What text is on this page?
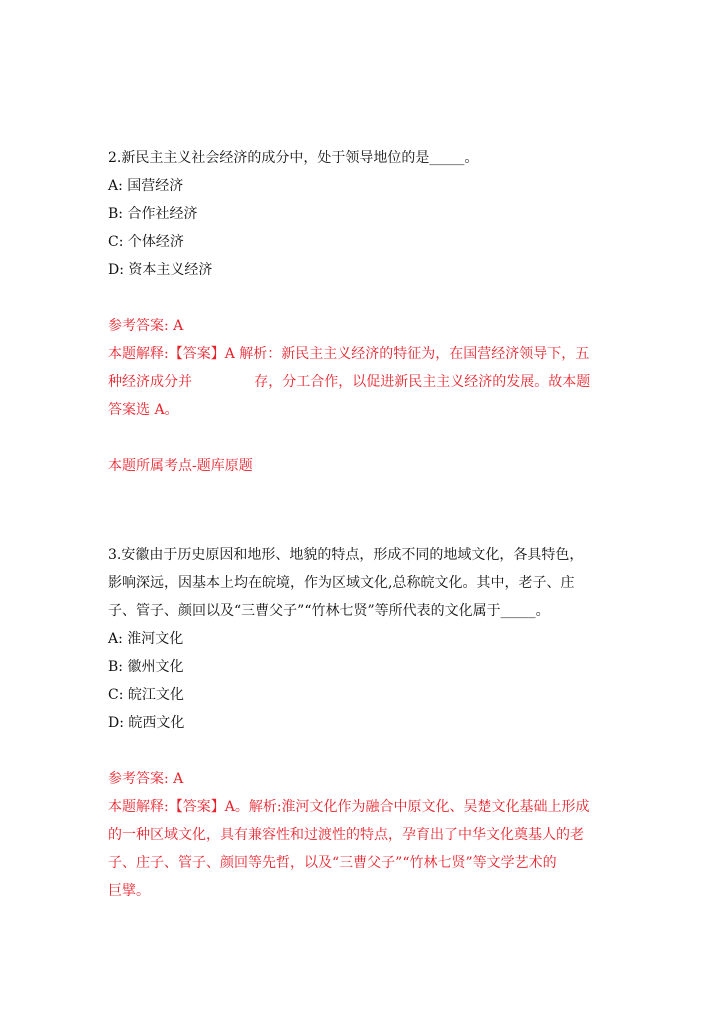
2.新民主主义社会经济的成分中，处于领导地位的是_____。
A: 国营经济
B: 合作社经济
C: 个体经济
D: 资本主义经济
参考答案: A
本题解释:【答案】A 解析：新民主主义经济的特征为，在国营经济领导下，五
种经济成分并              存，分工合作，以促进新民主主义经济的发展。故本题
答案选 A。
本题所属考点-题库原题
3.安徽由于历史原因和地形、地貌的特点，形成不同的地域文化，各具特色，
影响深远，因基本上均在皖境，作为区域文化,总称皖文化。其中，老子、庄
子、管子、颜回以及“三曹父子”“竹林七贤”等所代表的文化属于_____。
A: 淮河文化
B: 徽州文化
C: 皖江文化
D: 皖西文化
参考答案: A
本题解释:【答案】A。解析:淮河文化作为融合中原文化、吴楚文化基础上形成
的一种区域文化，具有兼容性和过渡性的特点，孕育出了中华文化奠基人的老
子、庄子、管子、颜回等先哲，以及“三曹父子”“竹林七贤”等文学艺术的
巨擘。
